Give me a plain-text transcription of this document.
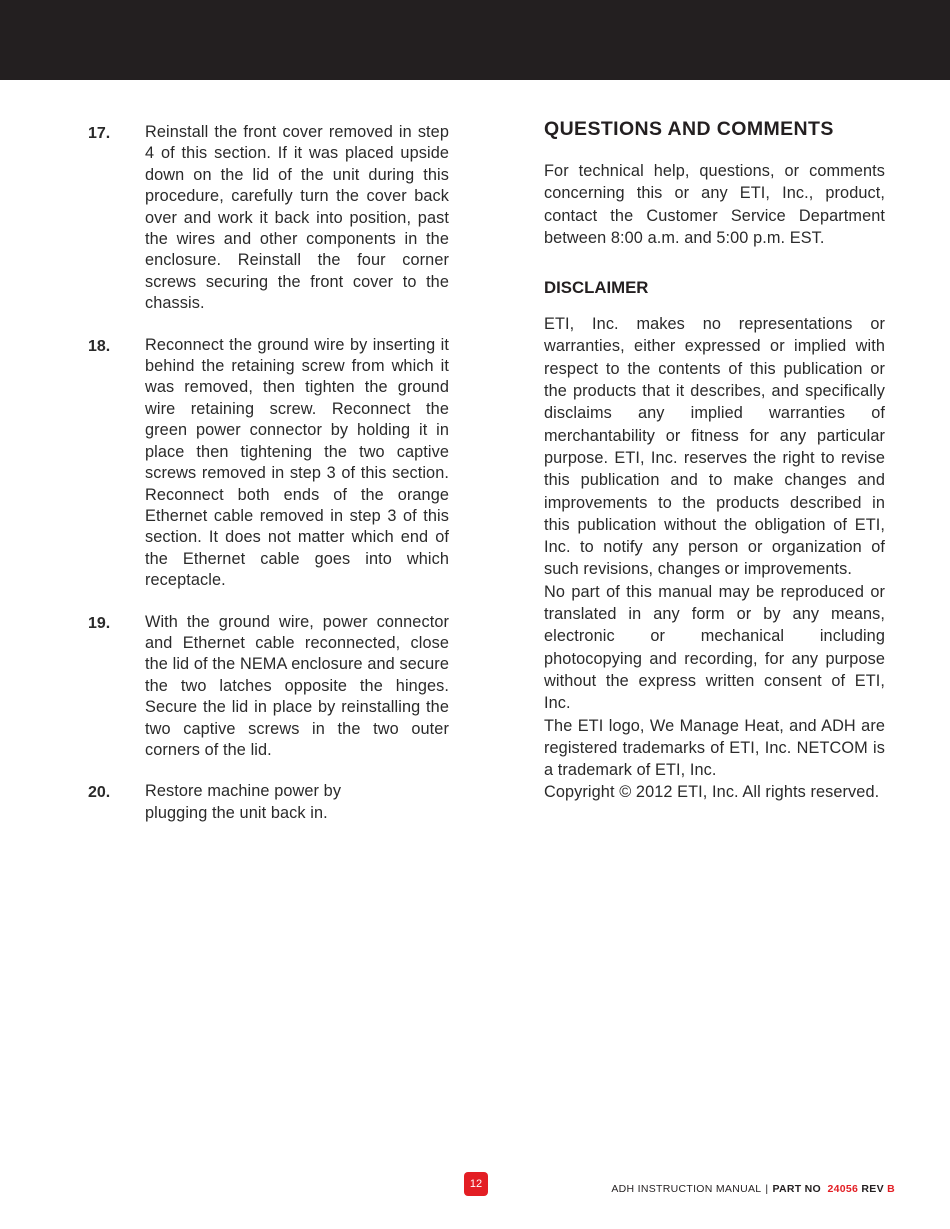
17.	Reinstall the front cover removed in step 4 of this section. If it was placed upside down on the lid of the unit during this procedure, carefully turn the cover back over and work it back into position, past the wires and other components in the enclosure. Reinstall the four corner screws securing the front cover to the chassis.
18.	Reconnect the ground wire by inserting it behind the retaining screw from which it was removed, then tighten the ground wire retaining screw. Reconnect the green power connector by holding it in place then tightening the two captive screws removed in step 3 of this section. Reconnect both ends of the orange Ethernet cable removed in step 3 of this section. It does not matter which end of the Ethernet cable goes into which receptacle.
19.	With the ground wire, power connector and Ethernet cable reconnected, close the lid of the NEMA enclosure and secure the two latches opposite the hinges. Secure the lid in place by reinstalling the two captive screws in the two outer corners of the lid.
20.	Restore machine power by plugging the unit back in.
QUESTIONS AND COMMENTS

For technical help, questions, or comments concerning this or any ETI, Inc., product, contact the Customer Service Department between 8:00 a.m. and 5:00 p.m. EST.

DISCLAIMER

ETI, Inc. makes no representations or warranties, either expressed or implied with respect to the contents of this publication or the products that it describes, and specifically disclaims any implied warranties of merchantability or fitness for any particular purpose. ETI, Inc. reserves the right to revise this publication and to make changes and improvements to the products described in this publication without the obligation of ETI, Inc. to notify any person or organization of such revisions, changes or improvements.

No part of this manual may be reproduced or translated in any form or by any means, electronic or mechanical including photocopying and recording, for any purpose without the express written consent of ETI, Inc.

The ETI logo, We Manage Heat, and ADH are registered trademarks of ETI, Inc. NETCOM is a trademark of ETI, Inc.

Copyright © 2012 ETI, Inc. All rights reserved.

12	ADH INSTRUCTION MANUAL | PART NO 24056 REV B
